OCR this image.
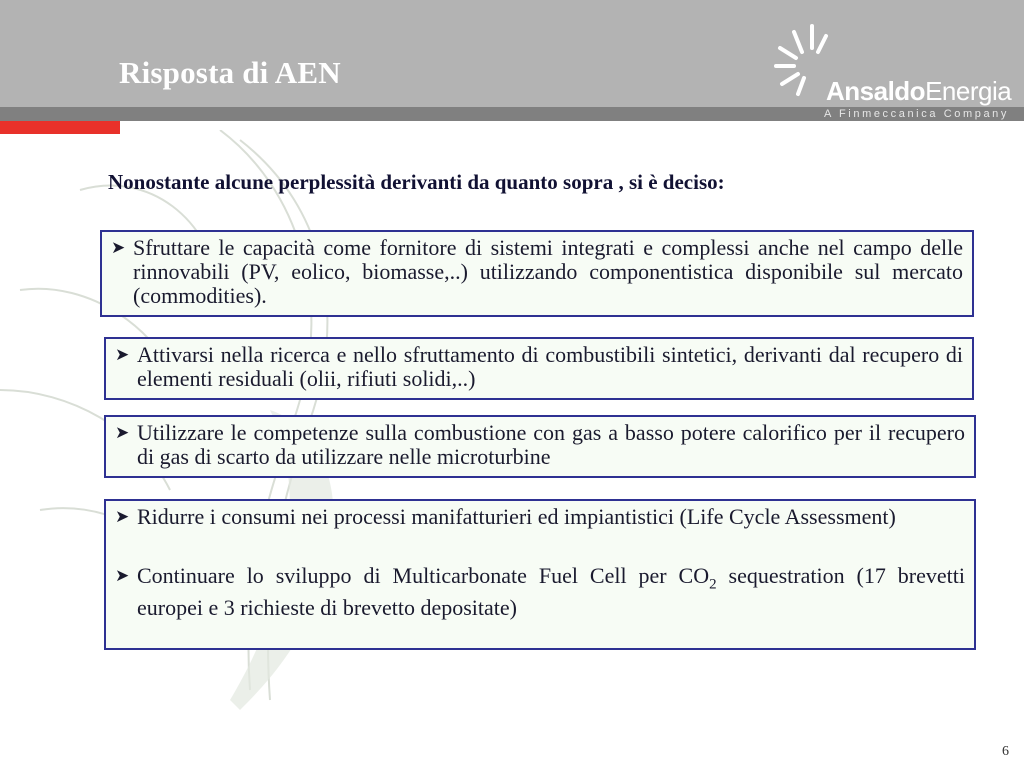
Risposta di AEN
AnsaldoEnergia
A Finmeccanica Company
Nonostante alcune perplessità derivanti da quanto sopra , si è deciso:
➤ Sfruttare le capacità come fornitore di sistemi integrati e complessi anche nel campo delle rinnovabili (PV, eolico, biomasse,..) utilizzando componentistica disponibile sul mercato (commodities).
➤ Attivarsi nella ricerca e nello sfruttamento di combustibili sintetici, derivanti dal recupero di elementi residuali (olii, rifiuti solidi,..)
➤ Utilizzare le competenze sulla combustione con gas a basso potere calorifico per il recupero di gas di scarto da utilizzare nelle microturbine
➤ Ridurre i consumi nei processi manifatturieri ed impiantistici (Life Cycle Assessment)
➤ Continuare lo sviluppo di Multicarbonate Fuel Cell per $CO_2$ sequestration (17 brevetti europei e 3 richieste di brevetto depositate)
6
